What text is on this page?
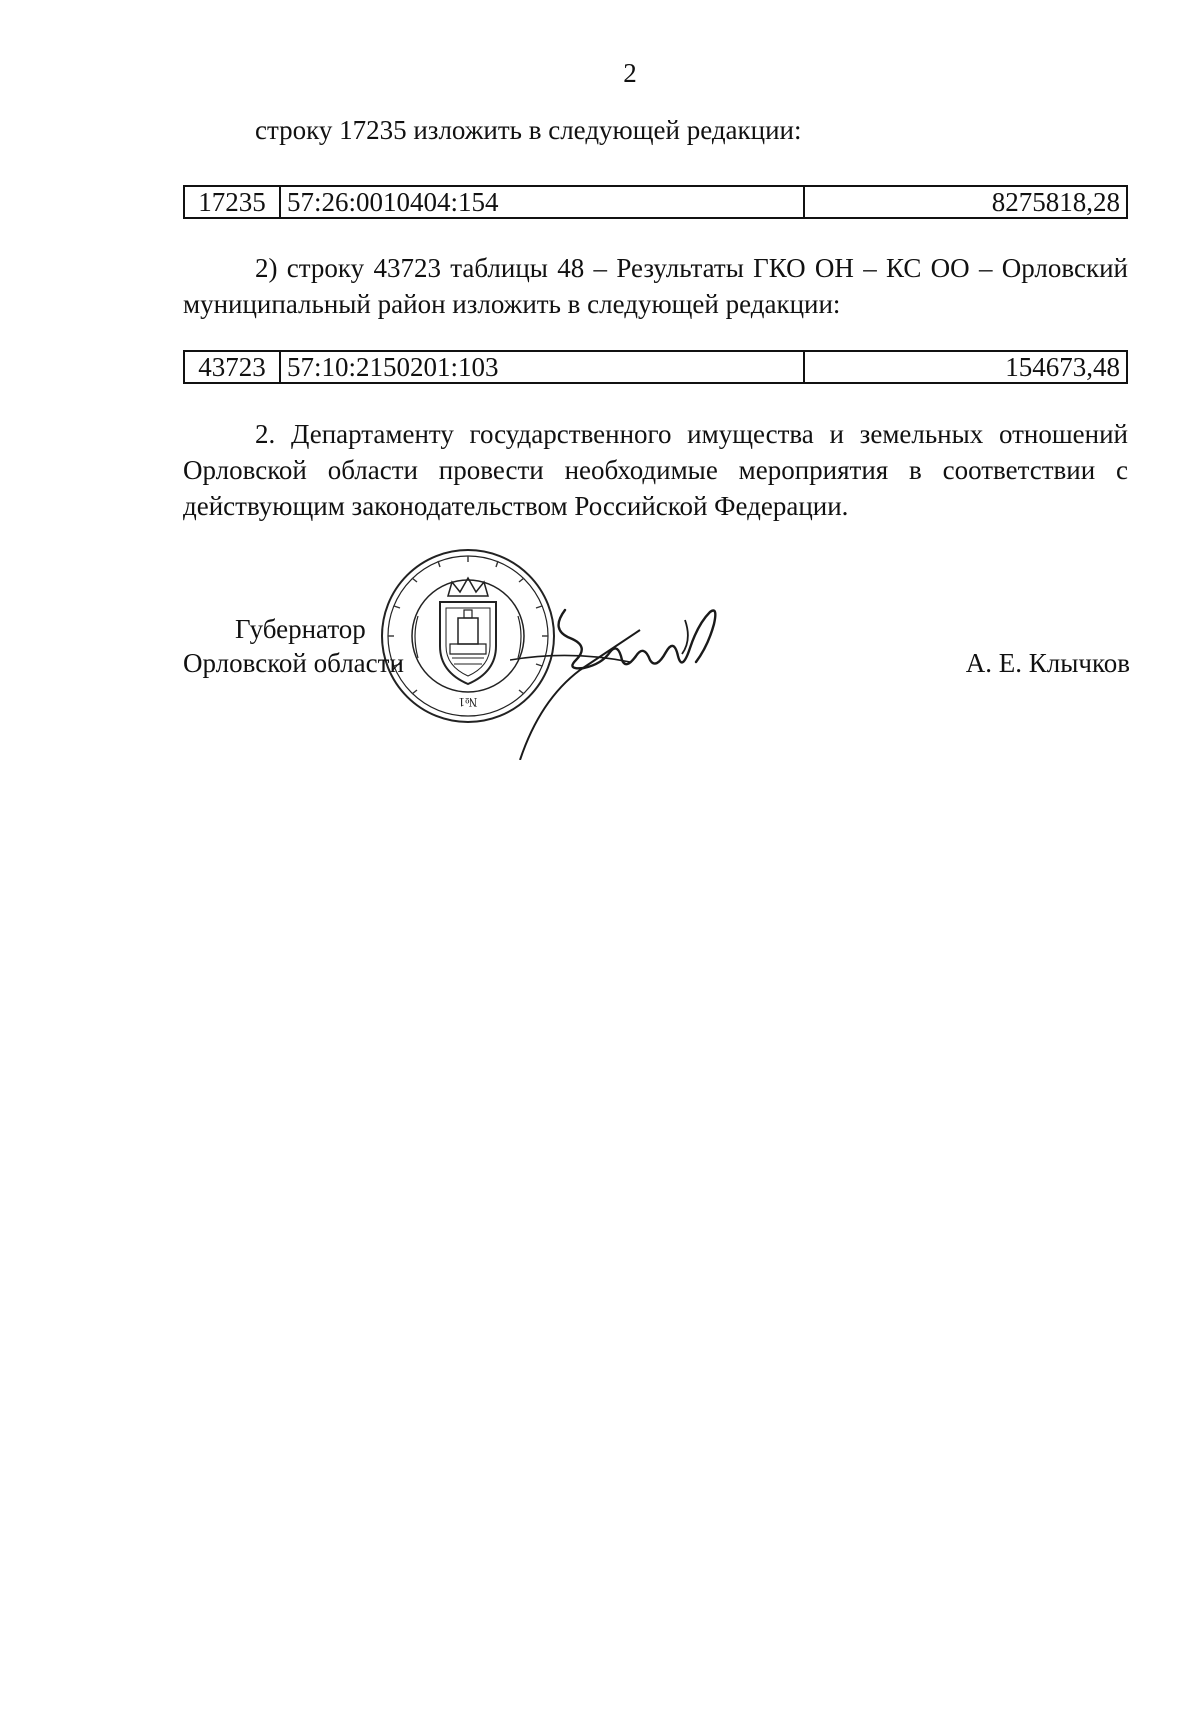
2

строку 17235 изложить в следующей редакции:

17235	57:26:0010404:154	8275818,28

2) строку 43723 таблицы 48 – Результаты ГКО ОН – КС ОО – Орловский муниципальный район изложить в следующей редакции:

43723	57:10:2150201:103	154673,48

2. Департаменту государственного имущества и земельных отношений Орловской области провести необходимые мероприятия в соответствии с действующим законодательством Российской Федерации.

№1
Губернатор
Орловской области	А. Е. Клычков
